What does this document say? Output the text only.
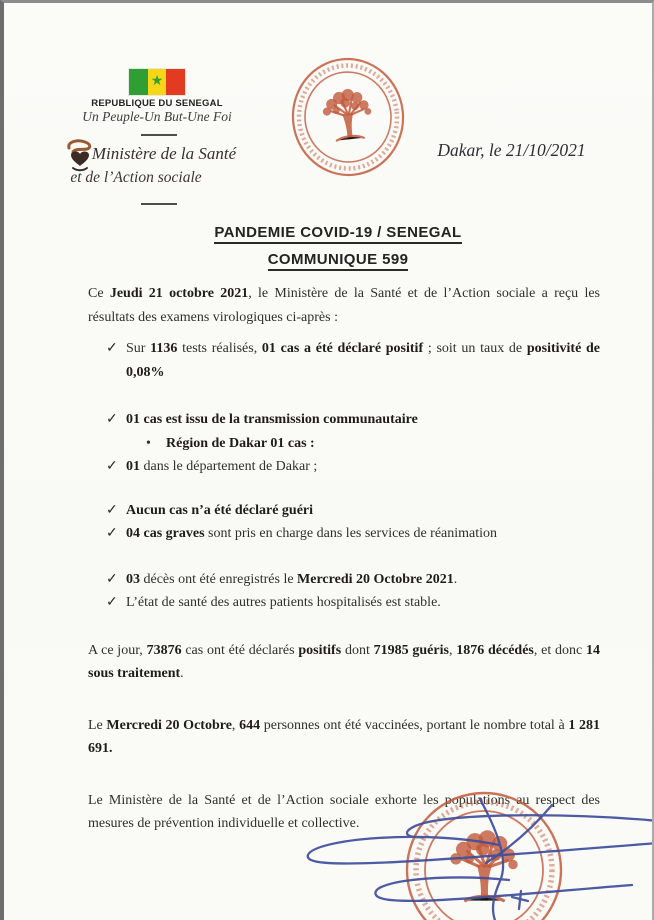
★
REPUBLIQUE DU SENEGAL
Un Peuple-Un But-Une Foi
Ministère de la Santé
et de l’Action sociale
Dakar, le 21/10/2021
PANDEMIE COVID-19 / SENEGAL
COMMUNIQUE 599

Ce Jeudi 21 octobre 2021, le Ministère de la Santé et de l’Action sociale a reçu les résultats des examens virologiques ci-après :

✓ Sur 1136 tests réalisés, 01 cas a été déclaré positif ; soit un taux de positivité de 0,08%
✓ 01 cas est issu de la transmission communautaire
• Région de Dakar 01 cas :
✓ 01 dans le département de Dakar ;
✓ Aucun cas n’a été déclaré guéri
✓ 04 cas graves sont pris en charge dans les services de réanimation
✓ 03 décès ont été enregistrés le Mercredi 20 Octobre 2021.
✓ L’état de santé des autres patients hospitalisés est stable.

A ce jour, 73876 cas ont été déclarés positifs dont 71985 guéris, 1876 décédés, et donc 14 sous traitement.

Le Mercredi 20 Octobre, 644 personnes ont été vaccinées, portant le nombre total à 1 281 691.

Le Ministère de la Santé et de l’Action sociale exhorte les populations au respect des mesures de prévention individuelle et collective.
